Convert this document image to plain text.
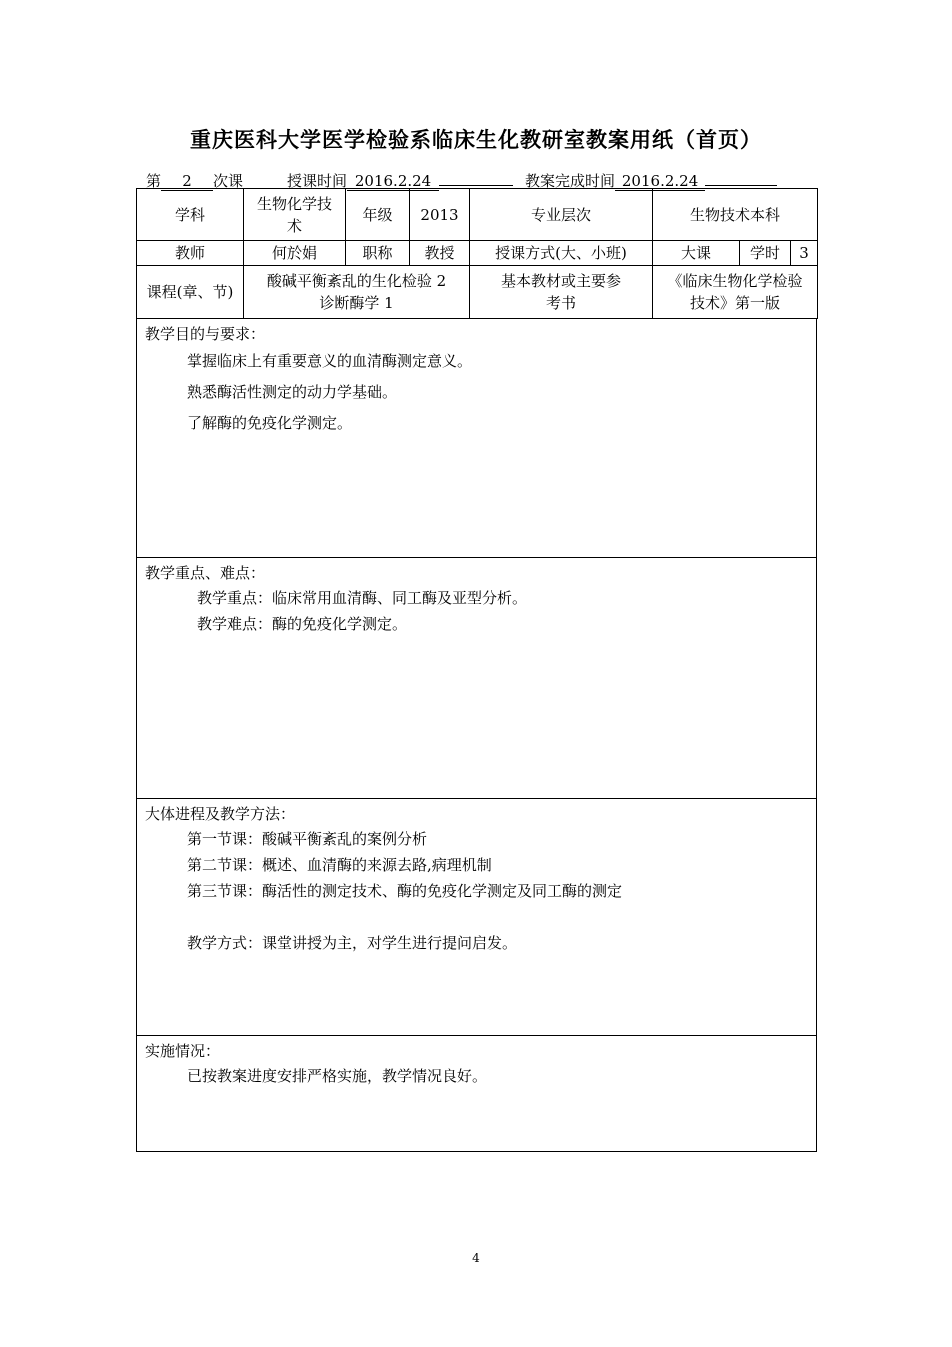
重庆医科大学医学检验系临床生化教研室教案用纸（首页）
第 2 次课	授课时间 2016.2.24	教案完成时间 2016.2.24
学科	生物化学技术	年级	2013	专业层次	生物技术本科		
教师	何於娟	职称	教授	授课方式(大、小班)	大课	学时	3
课程(章、节)	酸碱平衡紊乱的生化检验 2 诊断酶学 1			基本教材或主要参考书	《临床生物化学检验技术》第一版		
教学目的与要求：
掌握临床上有重要意义的血清酶测定意义。
熟悉酶活性测定的动力学基础。
了解酶的免疫化学测定。
教学重点、难点：
教学重点：临床常用血清酶、同工酶及亚型分析。
教学难点：酶的免疫化学测定。
大体进程及教学方法：
第一节课：酸碱平衡紊乱的案例分析
第二节课：概述、血清酶的来源去路,病理机制
第三节课：酶活性的测定技术、酶的免疫化学测定及同工酶的测定
教学方式：课堂讲授为主，对学生进行提问启发。
实施情况：
已按教案进度安排严格实施，教学情况良好。
4
